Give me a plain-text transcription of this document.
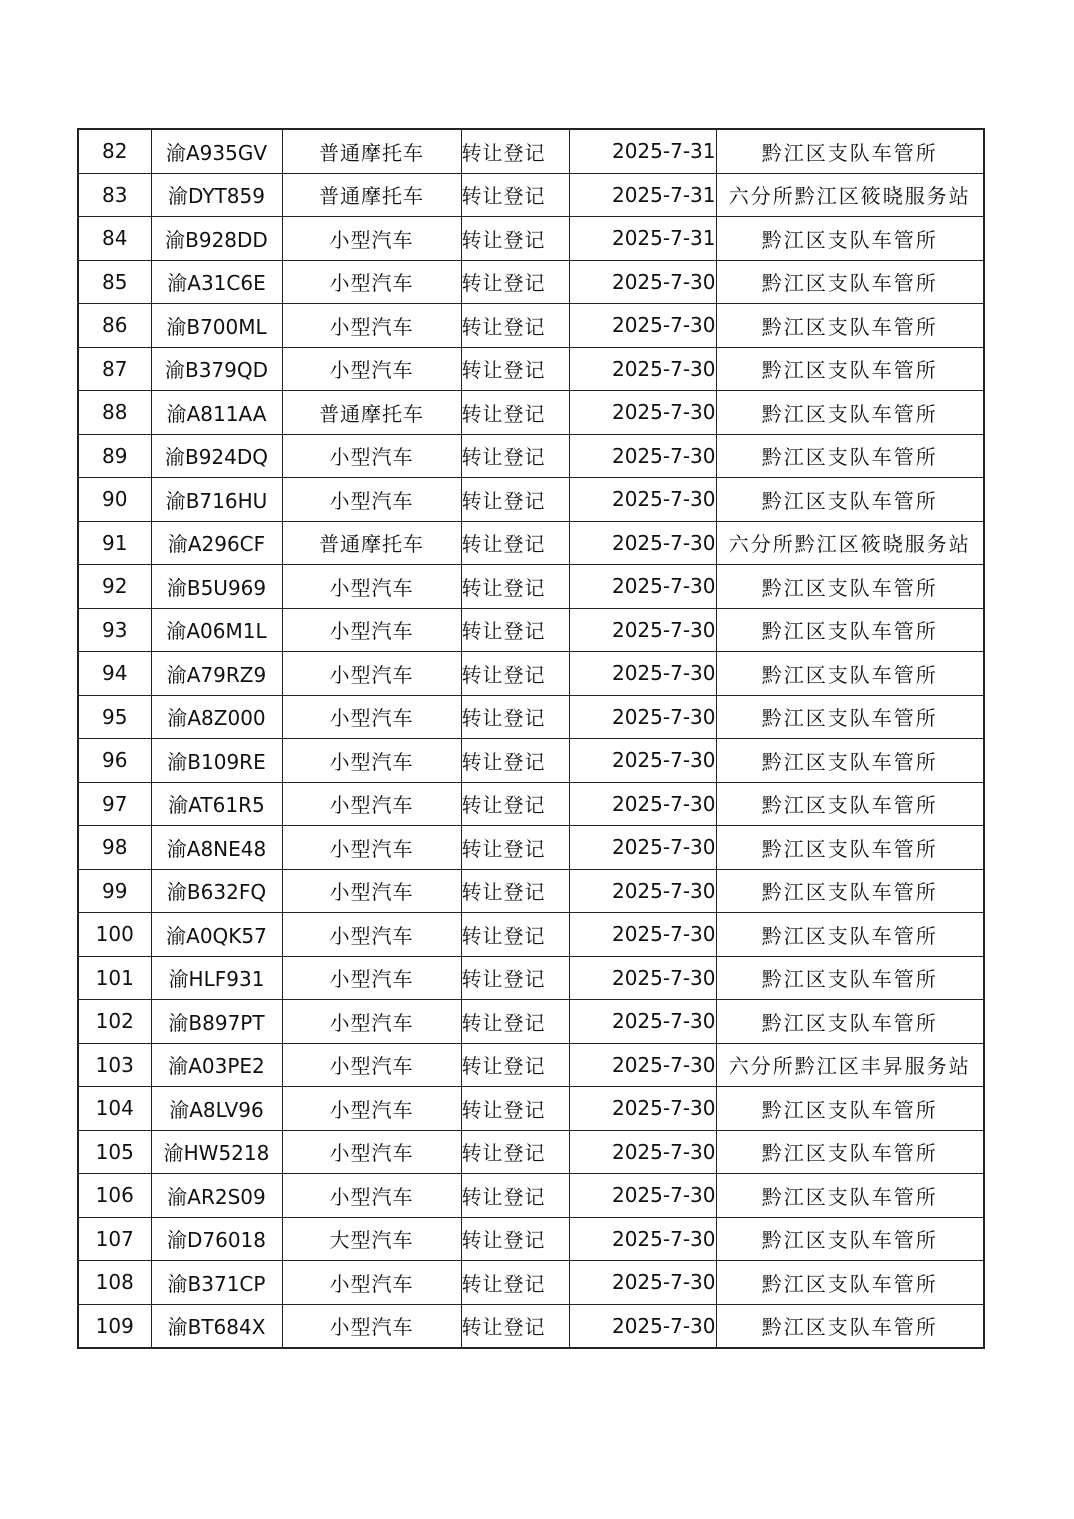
82	渝A935GV	普通摩托车	转让登记	2025-7-31	黔江区支队车管所
83	渝DYT859	普通摩托车	转让登记	2025-7-31	六分所黔江区筱晓服务站
84	渝B928DD	小型汽车	转让登记	2025-7-31	黔江区支队车管所
85	渝A31C6E	小型汽车	转让登记	2025-7-30	黔江区支队车管所
86	渝B700ML	小型汽车	转让登记	2025-7-30	黔江区支队车管所
87	渝B379QD	小型汽车	转让登记	2025-7-30	黔江区支队车管所
88	渝A811AA	普通摩托车	转让登记	2025-7-30	黔江区支队车管所
89	渝B924DQ	小型汽车	转让登记	2025-7-30	黔江区支队车管所
90	渝B716HU	小型汽车	转让登记	2025-7-30	黔江区支队车管所
91	渝A296CF	普通摩托车	转让登记	2025-7-30	六分所黔江区筱晓服务站
92	渝B5U969	小型汽车	转让登记	2025-7-30	黔江区支队车管所
93	渝A06M1L	小型汽车	转让登记	2025-7-30	黔江区支队车管所
94	渝A79RZ9	小型汽车	转让登记	2025-7-30	黔江区支队车管所
95	渝A8Z000	小型汽车	转让登记	2025-7-30	黔江区支队车管所
96	渝B109RE	小型汽车	转让登记	2025-7-30	黔江区支队车管所
97	渝AT61R5	小型汽车	转让登记	2025-7-30	黔江区支队车管所
98	渝A8NE48	小型汽车	转让登记	2025-7-30	黔江区支队车管所
99	渝B632FQ	小型汽车	转让登记	2025-7-30	黔江区支队车管所
100	渝A0QK57	小型汽车	转让登记	2025-7-30	黔江区支队车管所
101	渝HLF931	小型汽车	转让登记	2025-7-30	黔江区支队车管所
102	渝B897PT	小型汽车	转让登记	2025-7-30	黔江区支队车管所
103	渝A03PE2	小型汽车	转让登记	2025-7-30	六分所黔江区丰昇服务站
104	渝A8LV96	小型汽车	转让登记	2025-7-30	黔江区支队车管所
105	渝HW5218	小型汽车	转让登记	2025-7-30	黔江区支队车管所
106	渝AR2S09	小型汽车	转让登记	2025-7-30	黔江区支队车管所
107	渝D76018	大型汽车	转让登记	2025-7-30	黔江区支队车管所
108	渝B371CP	小型汽车	转让登记	2025-7-30	黔江区支队车管所
109	渝BT684X	小型汽车	转让登记	2025-7-30	黔江区支队车管所
